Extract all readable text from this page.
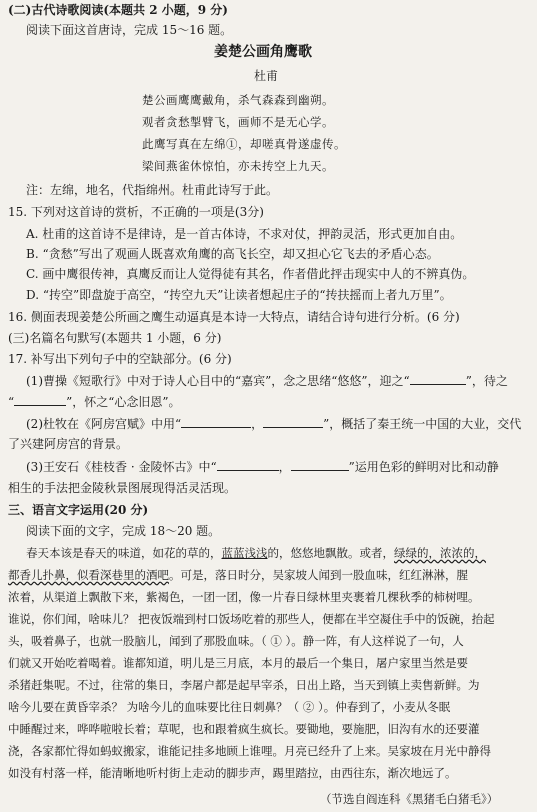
(二)古代诗歌阅读(本题共 2 小题，9 分)
阅读下面这首唐诗，完成 15～16 题。
姜楚公画角鹰歌
杜甫
楚公画鹰鹰戴角，杀气森森到幽朔。
观者贪愁掣臂飞，画师不是无心学。
此鹰写真在左绵①，却嗟真骨遂虚传。
梁间燕雀休惊怕，亦未抟空上九天。
注：左绵，地名，代指绵州。杜甫此诗写于此。
15. 下列对这首诗的赏析，不正确的一项是(3分)
A. 杜甫的这首诗不是律诗，是一首古体诗，不求对仗，押韵灵活，形式更加自由。
B. “贪愁”写出了观画人既喜欢角鹰的高飞长空，却又担心它飞去的矛盾心态。
C. 画中鹰很传神，真鹰反而让人觉得徒有其名，作者借此抨击现实中人的不辨真伪。
D. “抟空”即盘旋于高空，“抟空九天”让读者想起庄子的“抟扶摇而上者九万里”。
16. 侧面表现姜楚公所画之鹰生动逼真是本诗一大特点，请结合诗句进行分析。(6 分)
(三)名篇名句默写(本题共 1 小题，6 分)
17. 补写出下列句子中的空缺部分。(6 分)
(1)曹操《短歌行》中对于诗人心目中的“嘉宾”，念之思绪“悠悠”，迎之“	”，待之
“	”，怀之“心念旧恩”。
(2)杜牧在《阿房宫赋》中用“	，	”，概括了秦王统一中国的大业，交代
了兴建阿房宫的背景。
(3)王安石《桂枝香 · 金陵怀古》中“	，	”运用色彩的鲜明对比和动静
相生的手法把金陵秋景图展现得活灵活现。
三、语言文字运用(20 分)
阅读下面的文字，完成 18～20 题。
春天本该是春天的味道，如花的草的，蓝蓝浅浅的，悠悠地飘散。或者，绿绿的，浓浓的，
都香儿扑鼻，似看深巷里的酒吧。可是，落日时分，吴家坡人闻到一股血味，红红淋淋，腥
浓着，从渠道上飘散下来，紫褐色，一团一团，像一片春日绿林里夹裹着几棵秋季的柿树哩。
谁说，你们闻，啥味儿？ 把夜饭端到村口饭场吃着的那些人，便都在半空凝住手中的饭碗，抬起
头，吸着鼻子，也就一股脑儿，闻到了那股血味。（ ① ）。静一阵，有人这样说了一句，人
们就又开始吃着喝着。谁都知道，明儿是三月底，本月的最后一个集日，屠户家里当然是要
杀猪赶集呢。不过，往常的集日，李屠户都是起早宰杀，日出上路，当天到镇上卖售新鲜。为
啥今儿要在黄昏宰杀？ 为啥今儿的血味要比往日刺鼻？（ ② ）。仲春到了，小麦从冬眠
中睡醒过来，哗哗啦啦长着；草呢，也和跟着疯生疯长。要锄地，要施肥，旧沟有水的还要灌
浇，各家都忙得如蚂蚁搬家，谁能记挂多地顾上谁哩。月亮已经升了上来。吴家坡在月光中静得
如没有村落一样，能清晰地听村街上走动的脚步声，踢里踏拉，由西往东，渐次地远了。
（节选自阎连科《黑猪毛白猪毛》）
